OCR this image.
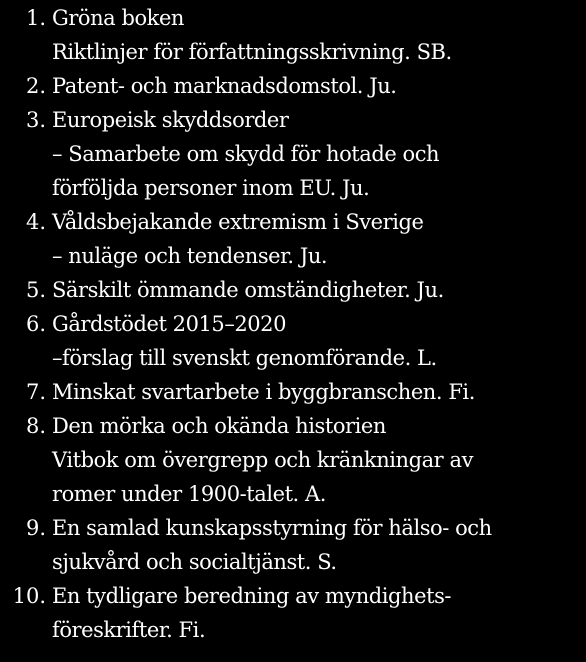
1. Gröna boken
Riktlinjer för författningsskrivning. SB.
2. Patent- och marknadsdomstol. Ju.
3. Europeisk skyddsorder
– Samarbete om skydd för hotade och
förföljda personer inom EU. Ju.
4. Våldsbejakande extremism i Sverige
– nuläge och tendenser. Ju.
5. Särskilt ömmande omständigheter. Ju.
6. Gårdstödet 2015–2020
–förslag till svenskt genomförande. L.
7. Minskat svartarbete i byggbranschen. Fi.
8. Den mörka och okända historien
Vitbok om övergrepp och kränkningar av
romer under 1900-talet. A.
9. En samlad kunskapsstyrning för hälso- och
sjukvård och socialtjänst. S.
10. En tydligare beredning av myndighets-
föreskrifter. Fi.
